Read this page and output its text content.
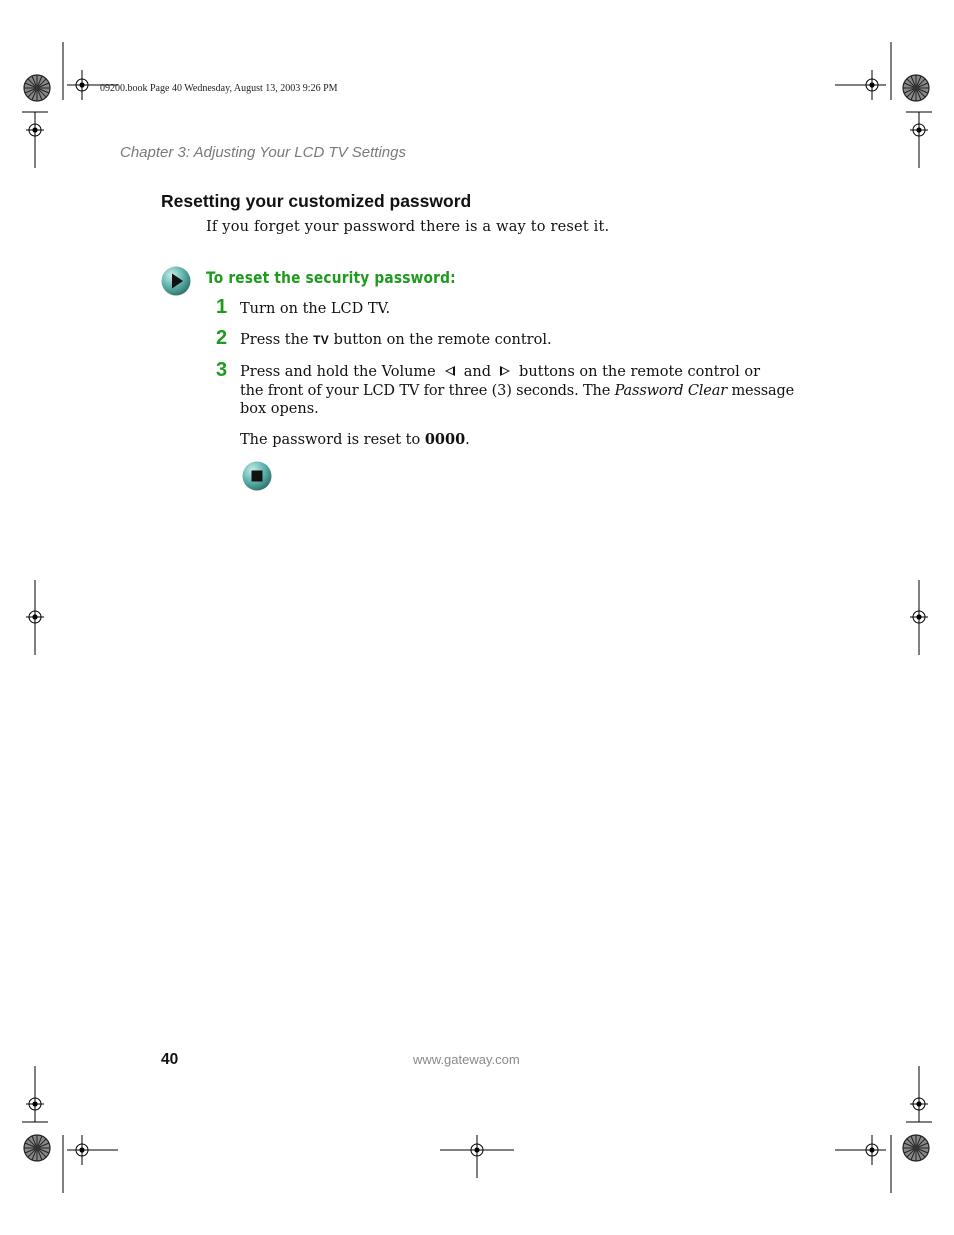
09200.book Page 40 Wednesday, August 13, 2003 9:26 PM
Chapter 3: Adjusting Your LCD TV Settings
Resetting your customized password
If you forget your password there is a way to reset it.
To reset the security password:
1 Turn on the LCD TV.
2 Press the TV button on the remote control.
3 Press and hold the Volume and buttons on the remote control or
the front of your LCD TV for three (3) seconds. The Password Clear message
box opens.
The password is reset to 0000.
40	www.gateway.com
